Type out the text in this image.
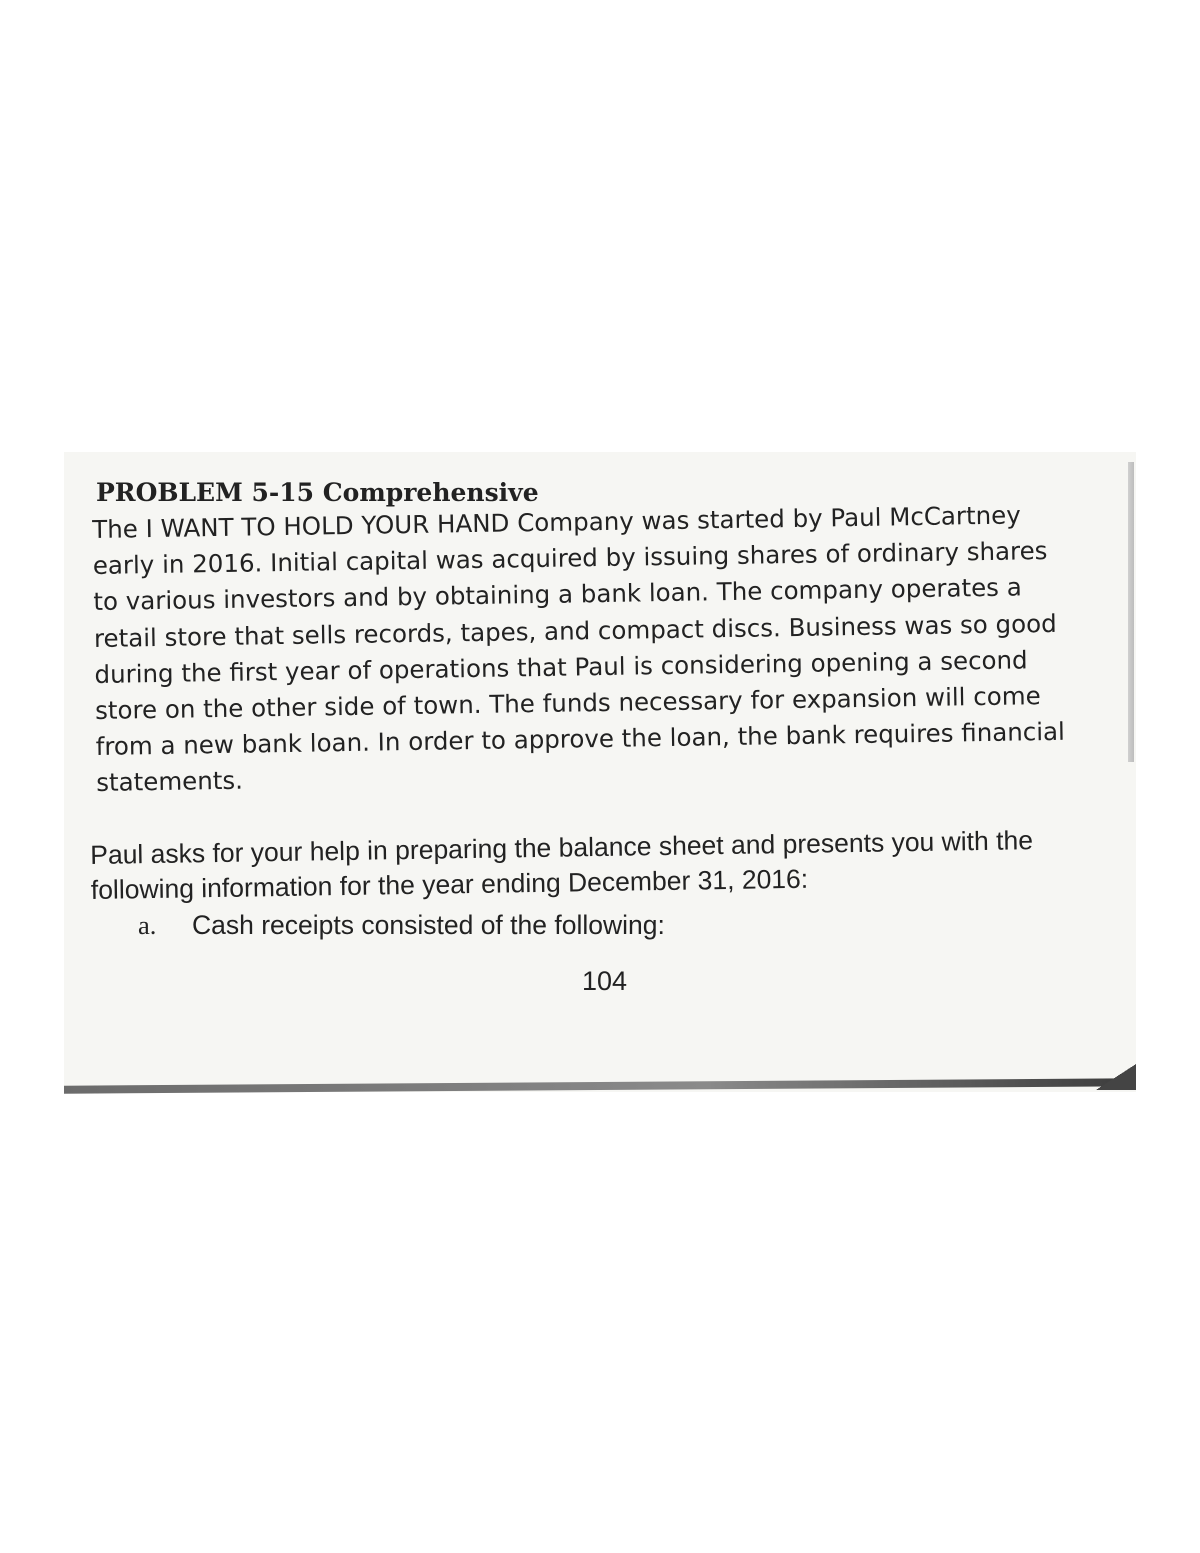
PROBLEM 5-15 Comprehensive

The I WANT TO HOLD YOUR HAND Company was started by Paul McCartney
early in 2016. Initial capital was acquired by issuing shares of ordinary shares
to various investors and by obtaining a bank loan. The company operates a
retail store that sells records, tapes, and compact discs. Business was so good
during the first year of operations that Paul is considering opening a second
store on the other side of town. The funds necessary for expansion will come
from a new bank loan. In order to approve the loan, the bank requires financial
statements.

Paul asks for your help in preparing the balance sheet and presents you with the
following information for the year ending December 31, 2016:

a. Cash receipts consisted of the following:
104
